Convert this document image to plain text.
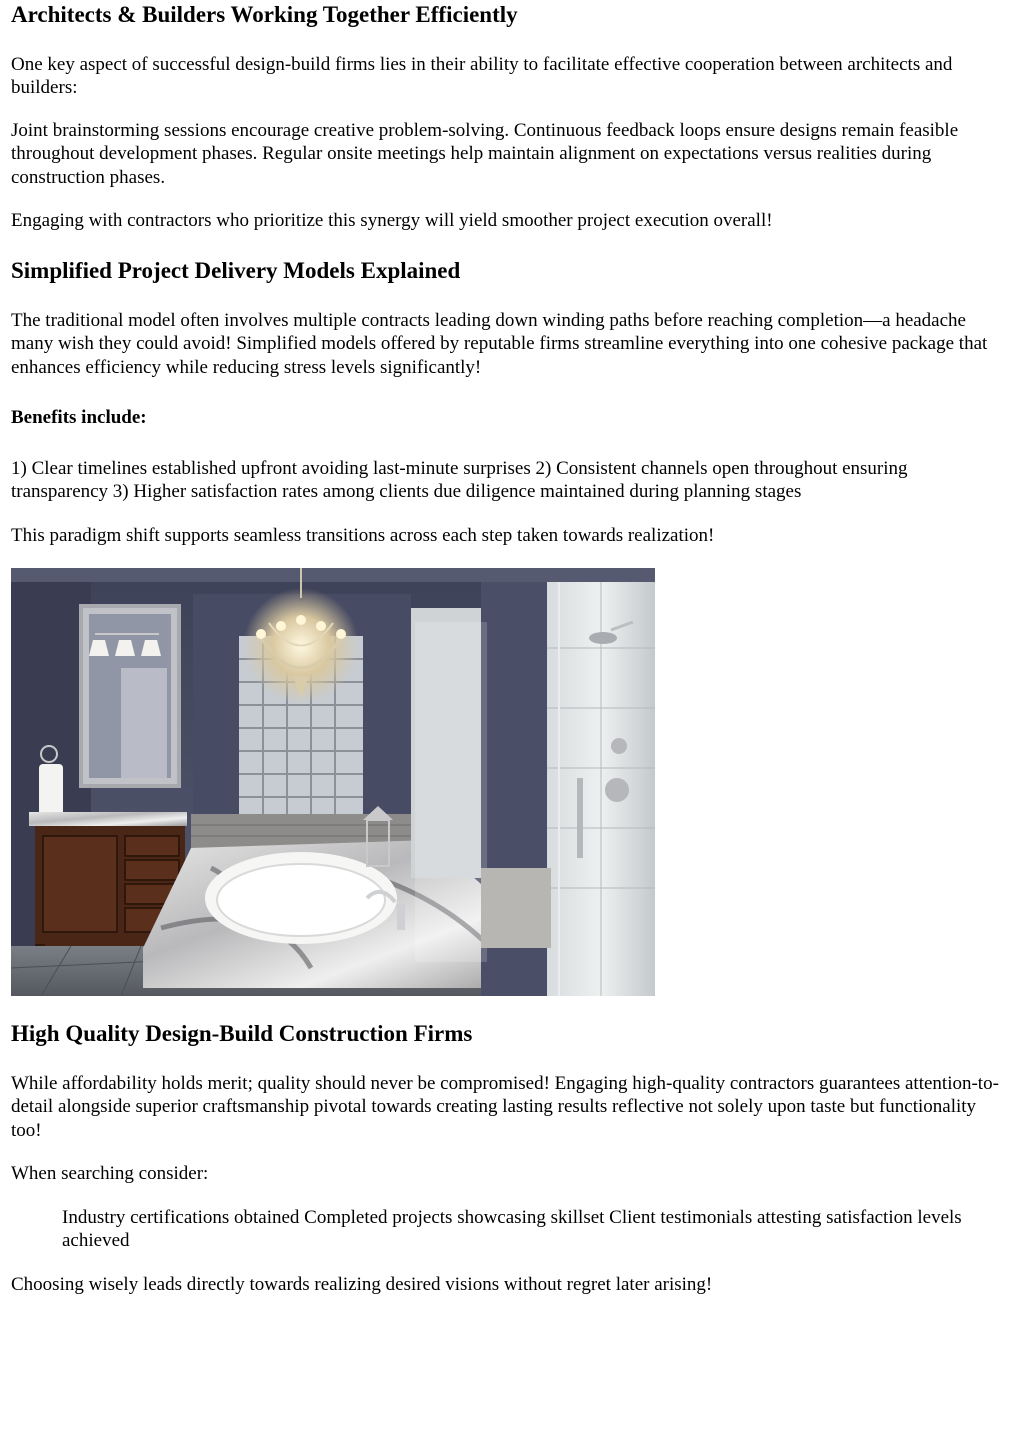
Architects & Builders Working Together Efficiently

One key aspect of successful design-build firms lies in their ability to facilitate effective cooperation between architects and builders:

Joint brainstorming sessions encourage creative problem-solving. Continuous feedback loops ensure designs remain feasible throughout development phases. Regular onsite meetings help maintain alignment on expectations versus realities during construction phases.

Engaging with contractors who prioritize this synergy will yield smoother project execution overall!

Simplified Project Delivery Models Explained

The traditional model often involves multiple contracts leading down winding paths before reaching completion—a headache many wish they could avoid! Simplified models offered by reputable firms streamline everything into one cohesive package that enhances efficiency while reducing stress levels significantly!

Benefits include:

1) Clear timelines established upfront avoiding last-minute surprises 2) Consistent channels open throughout ensuring transparency 3) Higher satisfaction rates among clients due diligence maintained during planning stages

This paradigm shift supports seamless transitions across each step taken towards realization!

High Quality Design-Build Construction Firms

While affordability holds merit; quality should never be compromised! Engaging high-quality contractors guarantees attention-to-detail alongside superior craftsmanship pivotal towards creating lasting results reflective not solely upon taste but functionality too!

When searching consider:

Industry certifications obtained Completed projects showcasing skillset Client testimonials attesting satisfaction levels achieved

Choosing wisely leads directly towards realizing desired visions without regret later arising!
